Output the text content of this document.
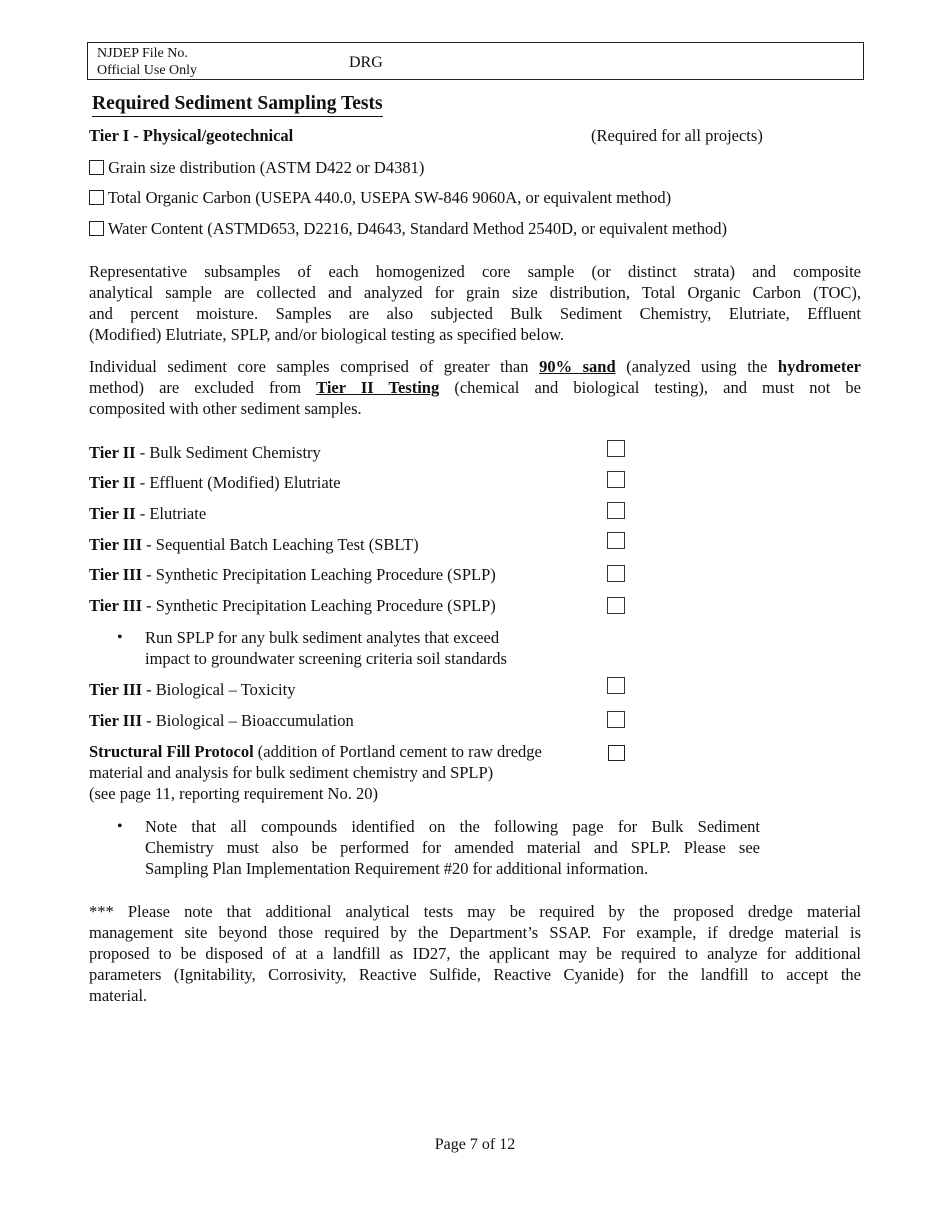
NJDEP File No.
Official Use Only	DRG
Required Sediment Sampling Tests
Tier I - Physical/geotechnical	(Required for all projects)
Grain size distribution (ASTM D422 or D4381)
Total Organic Carbon (USEPA 440.0, USEPA SW-846 9060A, or equivalent method)
Water Content (ASTMD653, D2216, D4643, Standard Method 2540D, or equivalent method)
Representative subsamples of each homogenized core sample (or distinct strata) and composite
analytical sample are collected and analyzed for grain size distribution, Total Organic Carbon (TOC),
and percent moisture. Samples are also subjected Bulk Sediment Chemistry, Elutriate, Effluent
(Modified) Elutriate, SPLP, and/or biological testing as specified below.
Individual sediment core samples comprised of greater than 90% sand (analyzed using the hydrometer
method) are excluded from Tier II Testing (chemical and biological testing), and must not be
composited with other sediment samples.
Tier II - Bulk Sediment Chemistry
Tier II - Effluent (Modified) Elutriate
Tier II - Elutriate
Tier III - Sequential Batch Leaching Test (SBLT)
Tier III - Synthetic Precipitation Leaching Procedure (SPLP)
Tier III - Synthetic Precipitation Leaching Procedure (SPLP)
• Run SPLP for any bulk sediment analytes that exceed
impact to groundwater screening criteria soil standards
Tier III - Biological – Toxicity
Tier III - Biological – Bioaccumulation
Structural Fill Protocol (addition of Portland cement to raw dredge
material and analysis for bulk sediment chemistry and SPLP)
(see page 11, reporting requirement No. 20)
• Note that all compounds identified on the following page for Bulk Sediment
Chemistry must also be performed for amended material and SPLP. Please see
Sampling Plan Implementation Requirement #20 for additional information.
*** Please note that additional analytical tests may be required by the proposed dredge material
management site beyond those required by the Department’s SSAP. For example, if dredge material is
proposed to be disposed of at a landfill as ID27, the applicant may be required to analyze for additional
parameters (Ignitability, Corrosivity, Reactive Sulfide, Reactive Cyanide) for the landfill to accept the
material.
Page 7 of 12
